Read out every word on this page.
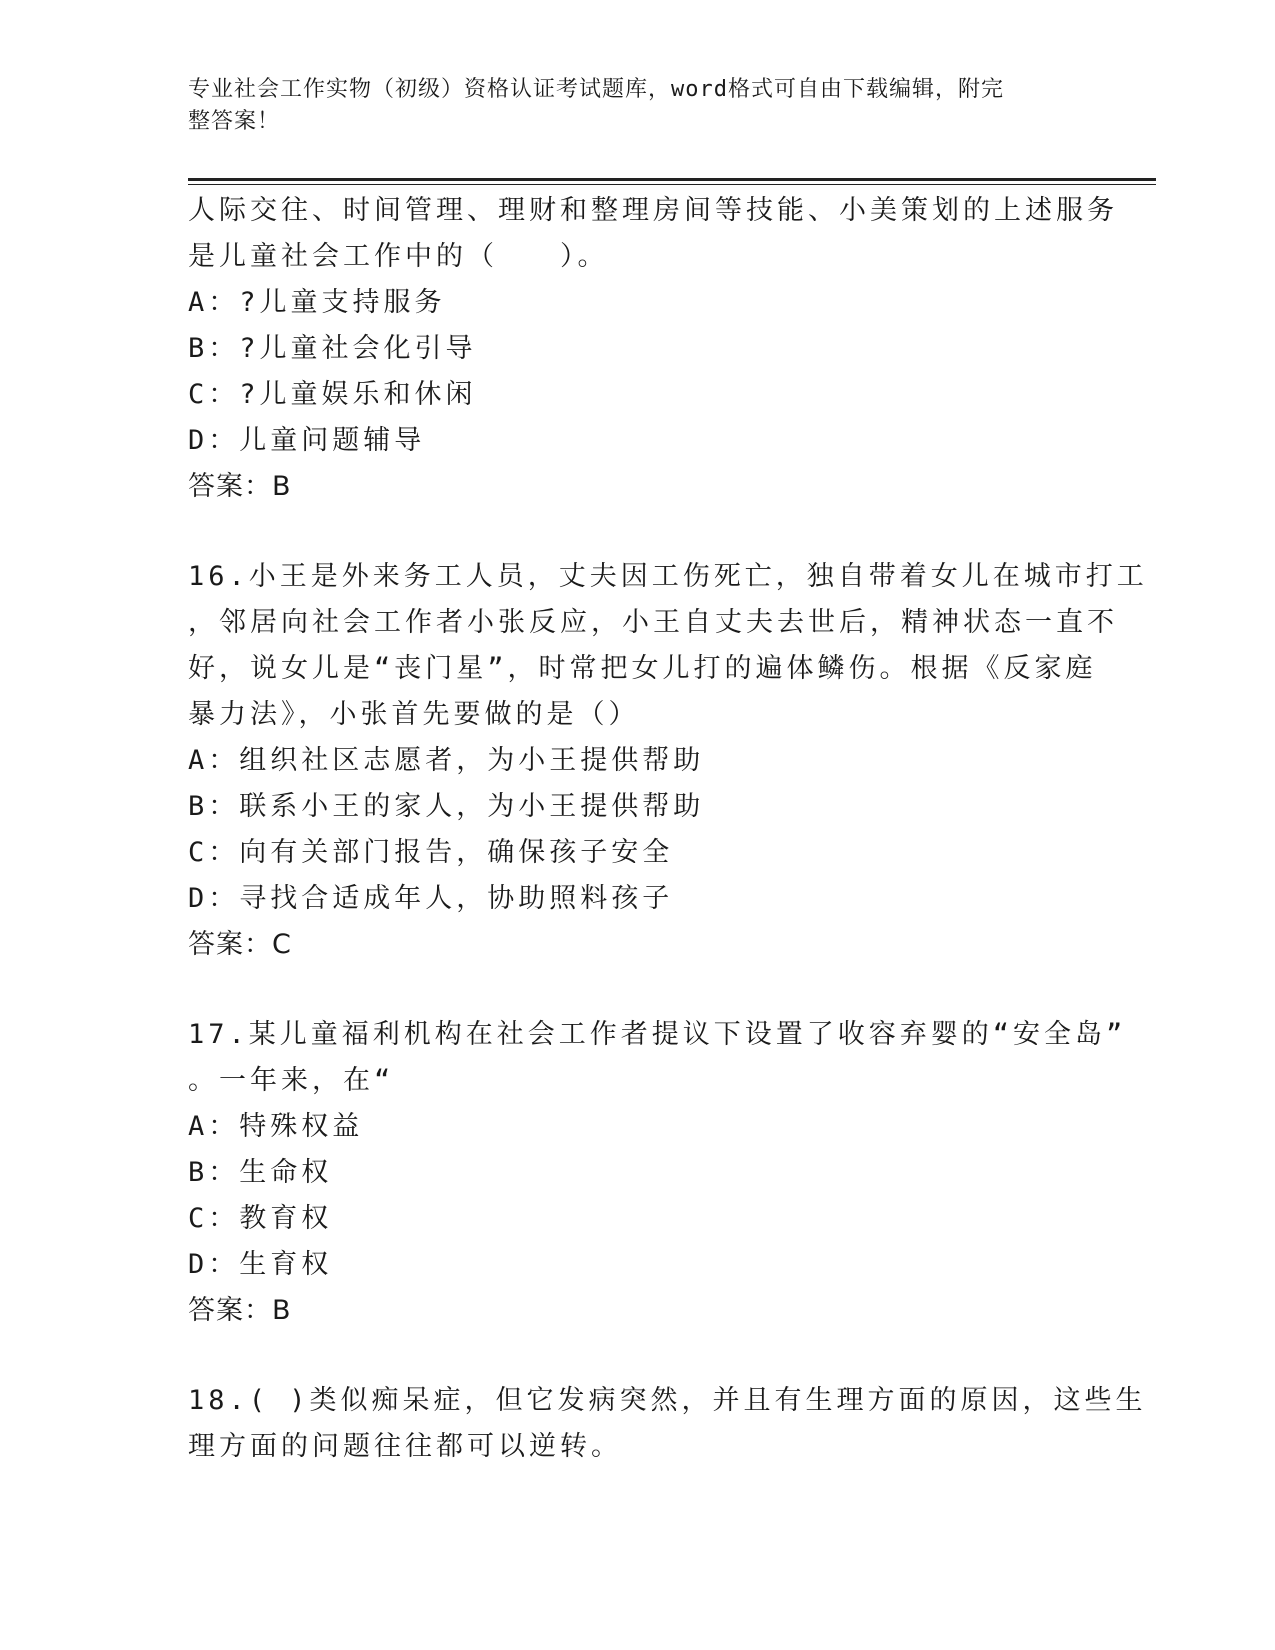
专业社会工作实物（初级）资格认证考试题库，word格式可自由下载编辑，附完
整答案！
人际交往、时间管理、理财和整理房间等技能、小美策划的上述服务
是儿童社会工作中的（　　）。
A：?儿童支持服务
B：?儿童社会化引导
C：?儿童娱乐和休闲
D：儿童问题辅导
答案：B
16.小王是外来务工人员，丈夫因工伤死亡，独自带着女儿在城市打工
，邻居向社会工作者小张反应，小王自丈夫去世后，精神状态一直不
好，说女儿是“丧门星”，时常把女儿打的遍体鳞伤。根据《反家庭
暴力法》，小张首先要做的是（）
A：组织社区志愿者，为小王提供帮助
B：联系小王的家人，为小王提供帮助
C：向有关部门报告，确保孩子安全
D：寻找合适成年人，协助照料孩子
答案：C
17.某儿童福利机构在社会工作者提议下设置了收容弃婴的“安全岛”
。一年来，在“
A：特殊权益
B：生命权
C：教育权
D：生育权
答案：B
18.( )类似痴呆症，但它发病突然，并且有生理方面的原因，这些生
理方面的问题往往都可以逆转。
